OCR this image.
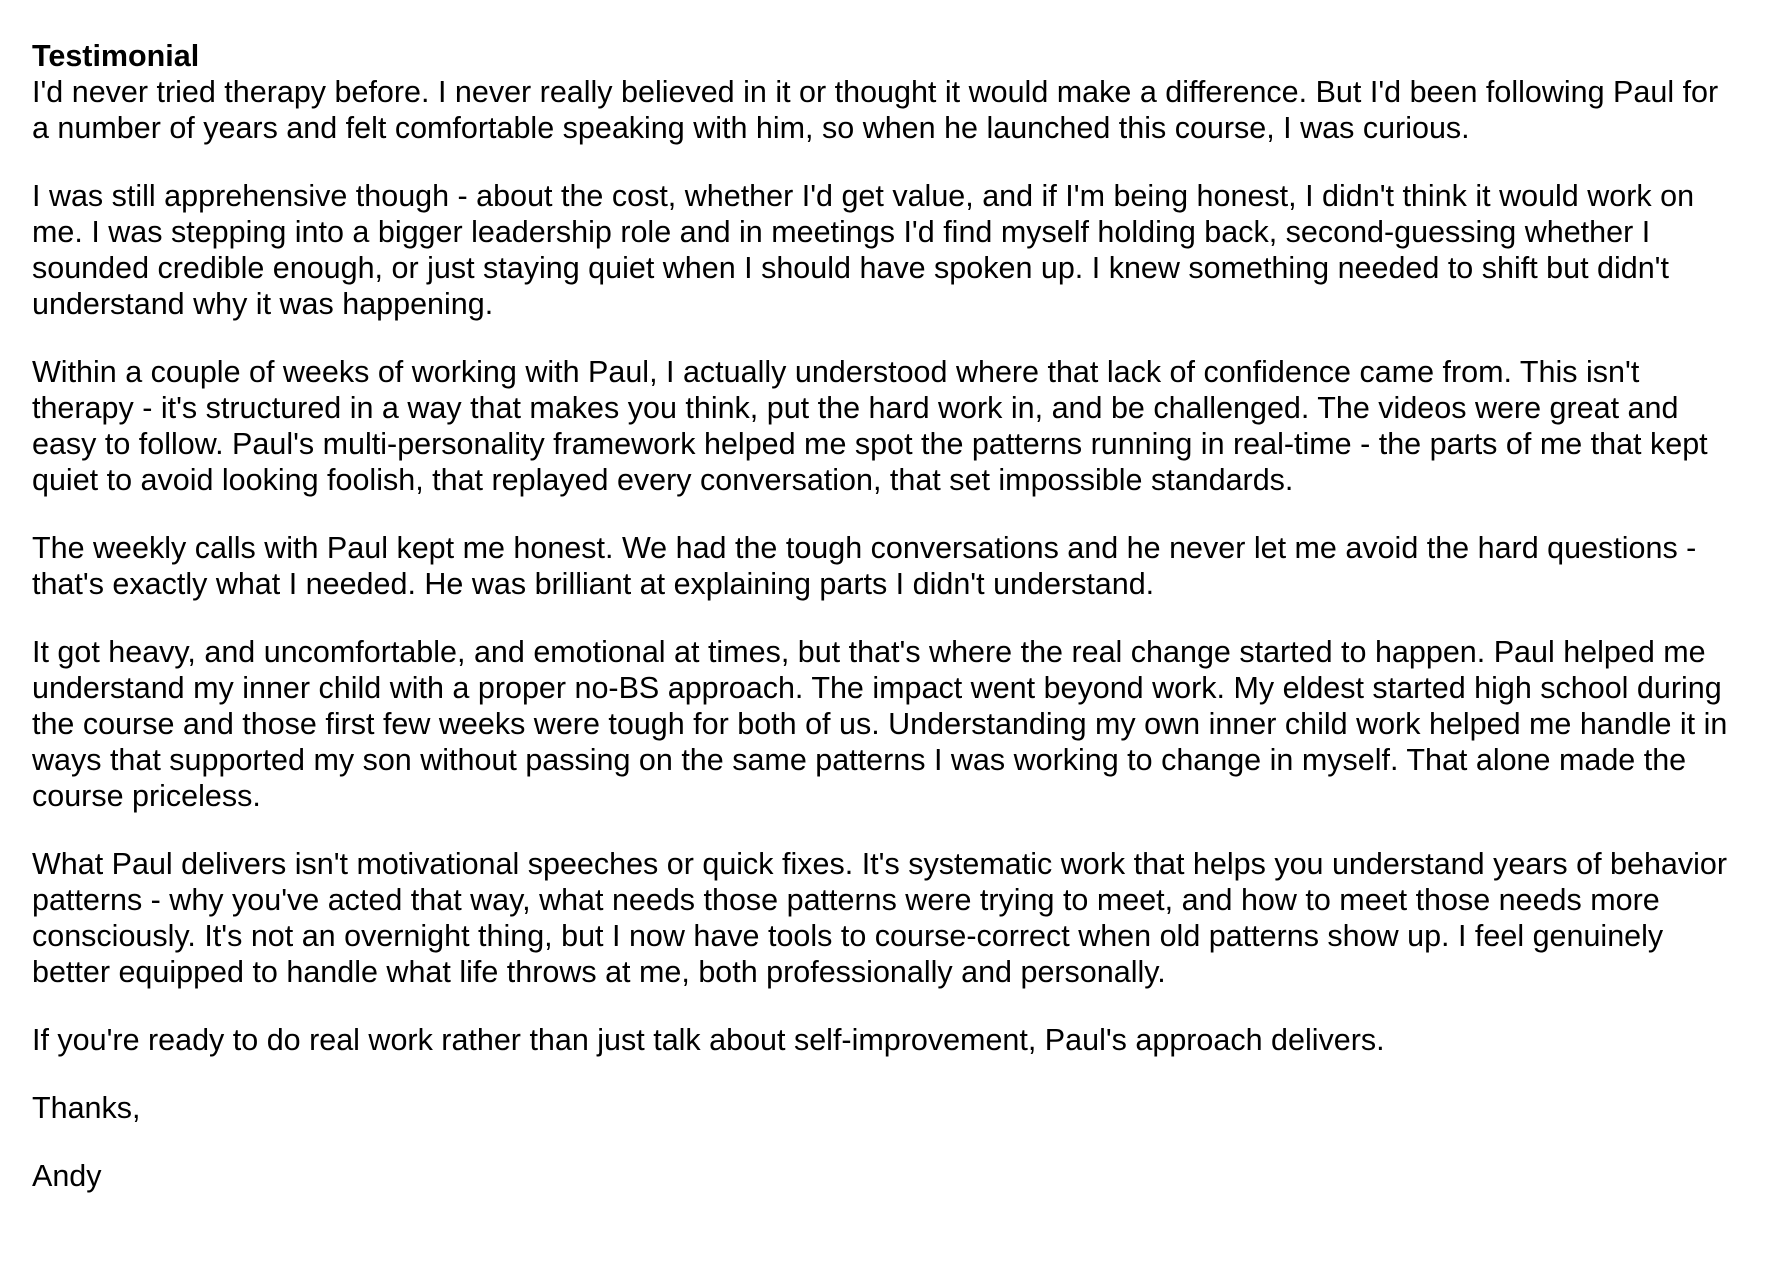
Testimonial

I'd never tried therapy before. I never really believed in it or thought it would make a difference. But I'd been following Paul for a number of years and felt comfortable speaking with him, so when he launched this course, I was curious.

I was still apprehensive though - about the cost, whether I'd get value, and if I'm being honest, I didn't think it would work on me. I was stepping into a bigger leadership role and in meetings I'd find myself holding back, second-guessing whether I sounded credible enough, or just staying quiet when I should have spoken up. I knew something needed to shift but didn't understand why it was happening.

Within a couple of weeks of working with Paul, I actually understood where that lack of confidence came from. This isn't therapy - it's structured in a way that makes you think, put the hard work in, and be challenged. The videos were great and easy to follow. Paul's multi-personality framework helped me spot the patterns running in real-time - the parts of me that kept quiet to avoid looking foolish, that replayed every conversation, that set impossible standards.

The weekly calls with Paul kept me honest. We had the tough conversations and he never let me avoid the hard questions - that's exactly what I needed. He was brilliant at explaining parts I didn't understand.

It got heavy, and uncomfortable, and emotional at times, but that's where the real change started to happen. Paul helped me understand my inner child with a proper no-BS approach. The impact went beyond work. My eldest started high school during the course and those first few weeks were tough for both of us. Understanding my own inner child work helped me handle it in ways that supported my son without passing on the same patterns I was working to change in myself. That alone made the course priceless.

What Paul delivers isn't motivational speeches or quick fixes. It's systematic work that helps you understand years of behavior patterns - why you've acted that way, what needs those patterns were trying to meet, and how to meet those needs more consciously. It's not an overnight thing, but I now have tools to course-correct when old patterns show up. I feel genuinely better equipped to handle what life throws at me, both professionally and personally.

If you're ready to do real work rather than just talk about self-improvement, Paul's approach delivers.

Thanks,

Andy
